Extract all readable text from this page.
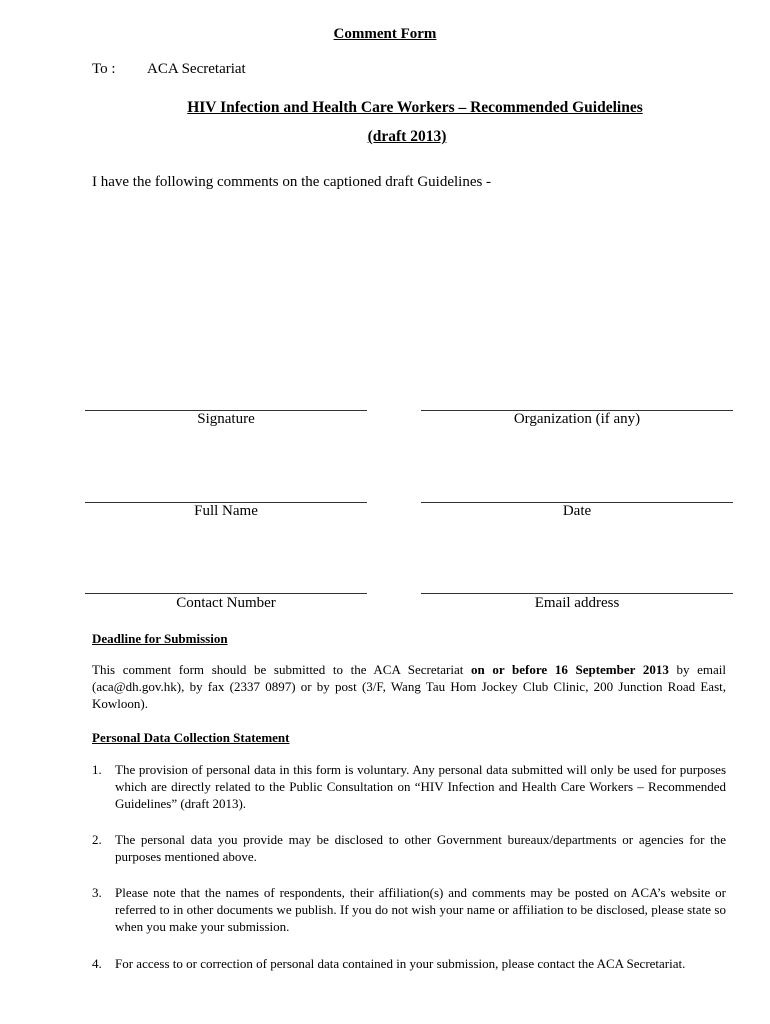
Comment Form
To : ACA Secretariat
HIV Infection and Health Care Workers – Recommended Guidelines
(draft 2013)
I have the following comments on the captioned draft Guidelines -
Signature	Organization (if any)
Full Name	Date
Contact Number	Email address
Deadline for Submission
This comment form should be submitted to the ACA Secretariat on or before 16 September 2013 by email (aca@dh.gov.hk), by fax (2337 0897) or by post (3/F, Wang Tau Hom Jockey Club Clinic, 200 Junction Road East, Kowloon).
Personal Data Collection Statement
1.	The provision of personal data in this form is voluntary. Any personal data submitted will only be used for purposes which are directly related to the Public Consultation on “HIV Infection and Health Care Workers – Recommended Guidelines” (draft 2013).
2.	The personal data you provide may be disclosed to other Government bureaux/departments or agencies for the purposes mentioned above.
3.	Please note that the names of respondents, their affiliation(s) and comments may be posted on ACA’s website or referred to in other documents we publish. If you do not wish your name or affiliation to be disclosed, please state so when you make your submission.
4.	For access to or correction of personal data contained in your submission, please contact the ACA Secretariat.
